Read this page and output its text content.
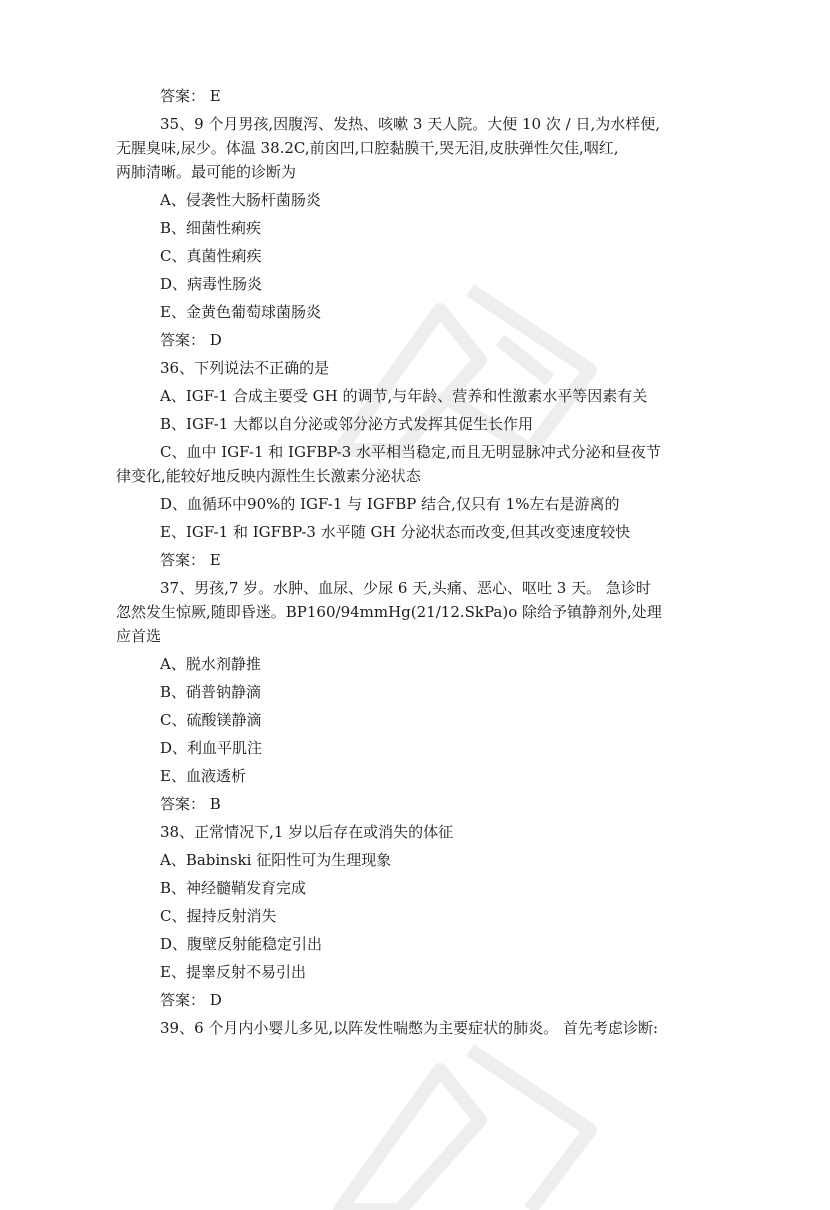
答案： E
35、9 个月男孩,因腹泻、发热、咳嗽 3 天人院。大便 10 次 / 日,为水样便,
无腥臭味,尿少。体温 38.2C,前囟凹,口腔黏膜干,哭无泪,皮肤弹性欠佳,咽红,
两肺清晰。最可能的诊断为
A、侵袭性大肠杆菌肠炎
B、细菌性痢疾
C、真菌性痢疾
D、病毒性肠炎
E、金黄色葡萄球菌肠炎
答案： D
36、下列说法不正确的是
A、IGF-1 合成主要受 GH 的调节,与年龄、营养和性激素水平等因素有关
B、IGF-1 大都以自分泌或邻分泌方式发挥其促生长作用
C、血中 IGF-1 和 IGFBP-3 水平相当稳定,而且无明显脉冲式分泌和昼夜节
律变化,能较好地反映内源性生长激素分泌状态
D、血循环中90%的 IGF-1 与 IGFBP 结合,仅只有 1%左右是游离的
E、IGF-1 和 IGFBP-3 水平随 GH 分泌状态而改变,但其改变速度较快
答案： E
37、男孩,7 岁。水肿、血尿、少尿 6 天,头痛、恶心、呕吐 3 天。 急诊时
忽然发生惊厥,随即昏迷。BP160/94mmHg(21/12.SkPa)o 除给予镇静剂外,处理
应首选
A、脱水剂静推
B、硝普钠静滴
C、硫酸镁静滴
D、利血平肌注
E、血液透析
答案： B
38、正常情况下,1 岁以后存在或消失的体征
A、Babinski 征阳性可为生理现象
B、神经髓鞘发育完成
C、握持反射消失
D、腹壁反射能稳定引出
E、提睾反射不易引出
答案： D
39、6 个月内小婴儿多见,以阵发性喘憋为主要症状的肺炎。 首先考虑诊断:
